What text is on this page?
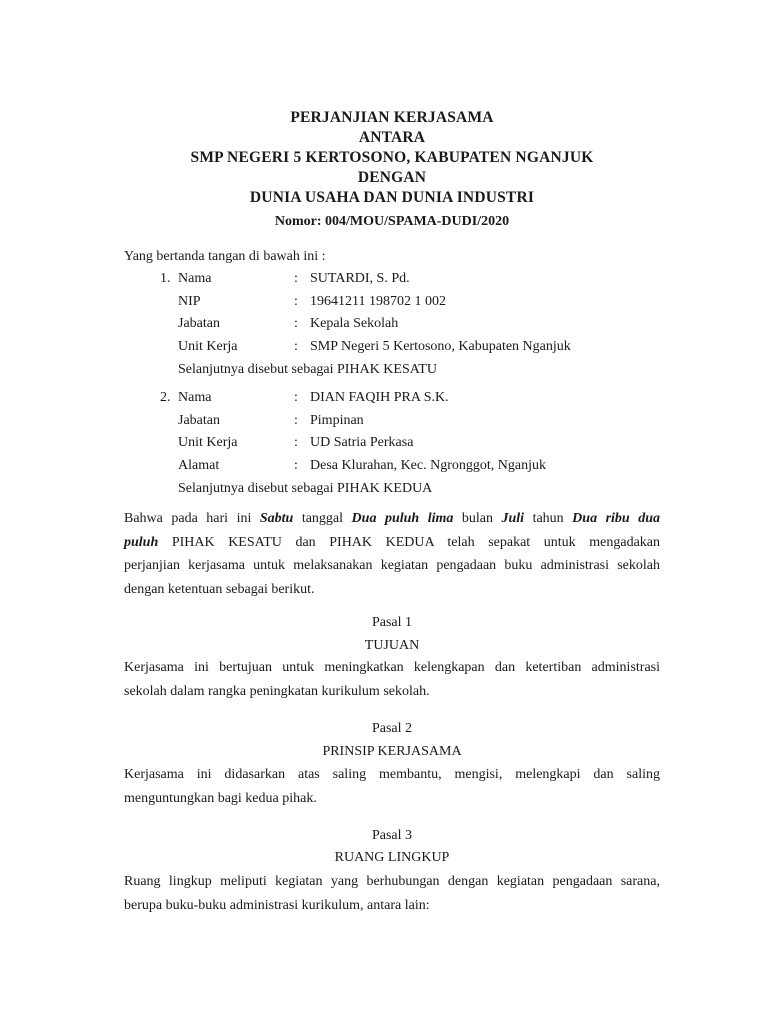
PERJANJIAN KERJASAMA
ANTARA
SMP NEGERI 5 KERTOSONO, KABUPATEN NGANJUK
DENGAN
DUNIA USAHA DAN DUNIA INDUSTRI
Nomor: 004/MOU/SPAMA-DUDI/2020
Yang bertanda tangan di bawah ini :
1. Nama	: SUTARDI, S. Pd.
NIP	: 19641211 198702 1 002
Jabatan	: Kepala Sekolah
Unit Kerja	: SMP Negeri 5 Kertosono, Kabupaten Nganjuk
Selanjutnya disebut sebagai PIHAK KESATU
2. Nama	: DIAN FAQIH PRA S.K.
Jabatan	: Pimpinan
Unit Kerja	: UD Satria Perkasa
Alamat	: Desa Klurahan, Kec. Ngronggot, Nganjuk
Selanjutnya disebut sebagai PIHAK KEDUA
Bahwa pada hari ini Sabtu tanggal Dua puluh lima bulan Juli tahun Dua ribu dua
puluh PIHAK KESATU dan PIHAK KEDUA telah sepakat untuk mengadakan
perjanjian kerjasama untuk melaksanakan kegiatan pengadaan buku administrasi sekolah
dengan ketentuan sebagai berikut.
Pasal 1
TUJUAN
Kerjasama ini bertujuan untuk meningkatkan kelengkapan dan ketertiban administrasi
sekolah dalam rangka peningkatan kurikulum sekolah.
Pasal 2
PRINSIP KERJASAMA
Kerjasama ini didasarkan atas saling membantu, mengisi, melengkapi dan saling
menguntungkan bagi kedua pihak.
Pasal 3
RUANG LINGKUP
Ruang lingkup meliputi kegiatan yang berhubungan dengan kegiatan pengadaan sarana,
berupa buku-buku administrasi kurikulum, antara lain:
